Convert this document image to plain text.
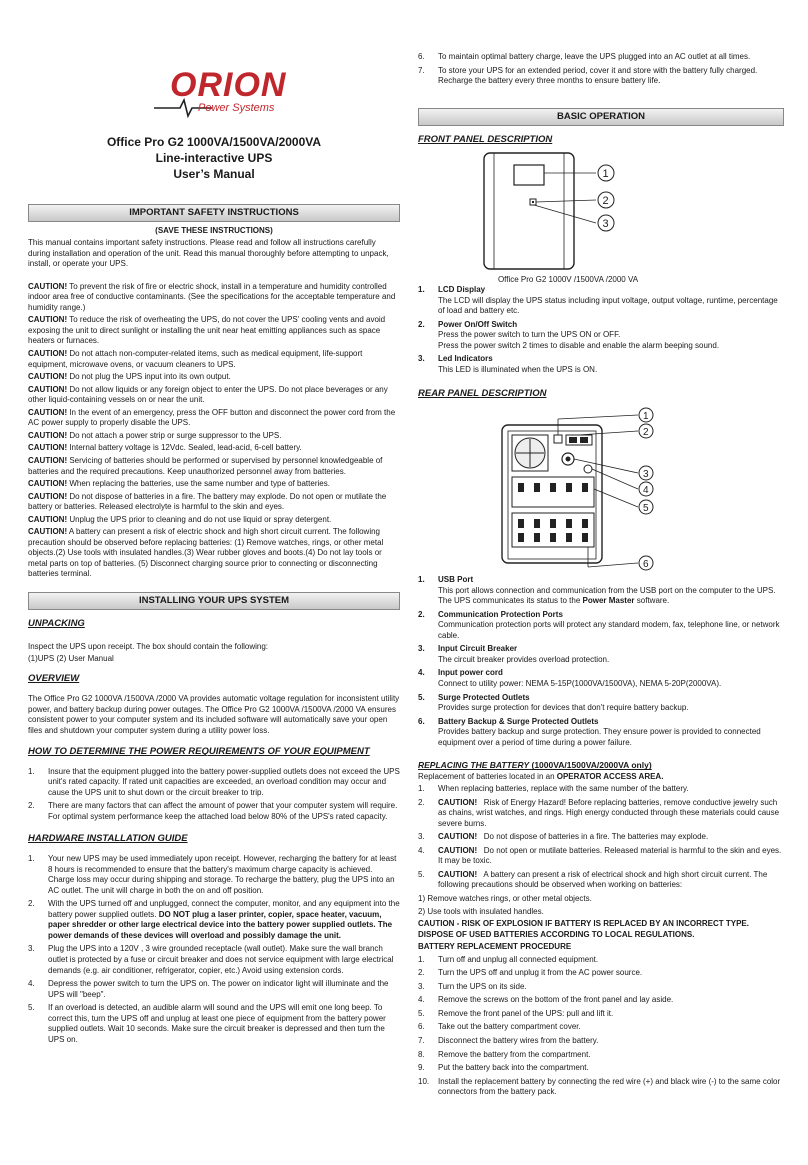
ORION
Power Systems
Office Pro G2 1000VA/1500VA/2000VA
Line-interactive UPS
User’s Manual
IMPORTANT SAFETY INSTRUCTIONS
(SAVE THESE INSTRUCTIONS)

This manual contains important safety instructions. Please read and follow all instructions carefully during installation and operation of the unit. Read this manual thoroughly before attempting to unpack, install, or operate your UPS.

CAUTION! To prevent the risk of fire or electric shock, install in a temperature and humidity controlled indoor area free of conductive contaminants. (See the specifications for the acceptable temperature and humidity range.)

CAUTION! To reduce the risk of overheating the UPS, do not cover the UPS' cooling vents and avoid exposing the unit to direct sunlight or installing the unit near heat emitting appliances such as space heaters or furnaces.

CAUTION! Do not attach non-computer-related items, such as medical equipment, life-support equipment, microwave ovens, or vacuum cleaners to UPS.

CAUTION! Do not plug the UPS input into its own output.

CAUTION! Do not allow liquids or any foreign object to enter the UPS. Do not place beverages or any other liquid-containing vessels on or near the unit.

CAUTION! In the event of an emergency, press the OFF button and disconnect the power cord from the AC power supply to properly disable the UPS.

CAUTION! Do not attach a power strip or surge suppressor to the UPS.

CAUTION! Internal battery voltage is 12Vdc. Sealed, lead-acid, 6-cell battery.

CAUTION! Servicing of batteries should be performed or supervised by personnel knowledgeable of batteries and the required precautions. Keep unauthorized personnel away from batteries.

CAUTION! When replacing the batteries, use the same number and type of batteries.

CAUTION! Do not dispose of batteries in a fire. The battery may explode. Do not open or mutilate the battery or batteries. Released electrolyte is harmful to the skin and eyes.

CAUTION! Unplug the UPS prior to cleaning and do not use liquid or spray detergent.

CAUTION! A battery can present a risk of electric shock and high short circuit current. The following precaution should be observed before replacing batteries: (1) Remove watches, rings, or other metal objects.(2) Use tools with insulated handles.(3) Wear rubber gloves and boots.(4) Do not lay tools or metal parts on top of batteries. (5) Disconnect charging source prior to connecting or disconnecting batteries terminal.

INSTALLING YOUR UPS SYSTEM
UNPACKING

Inspect the UPS upon receipt. The box should contain the following:

(1)UPS (2) User Manual

OVERVIEW

The Office Pro G2 1000VA /1500VA /2000 VA provides automatic voltage regulation for inconsistent utility power, and battery backup during power outages. The Office Pro G2 1000VA /1500VA /2000 VA ensures consistent power to your computer system and its included software will automatically save your open files and shutdown your computer system during a utility power loss.

HOW TO DETERMINE THE POWER REQUIREMENTS OF YOUR EQUIPMENT
1. Insure that the equipment plugged into the battery power-supplied outlets does not exceed the UPS unit's rated capacity. If rated unit capacities are exceeded, an overload condition may occur and cause the UPS unit to shut down or the circuit breaker to trip.
2. There are many factors that can affect the amount of power that your computer system will require. For optimal system performance keep the attached load below 80% of the UPS's rated capacity.
HARDWARE INSTALLATION GUIDE
1. Your new UPS may be used immediately upon receipt. However, recharging the battery for at least 8 hours is recommended to ensure that the battery's maximum charge capacity is achieved. Charge loss may occur during shipping and storage. To recharge the battery, plug the UPS into an AC outlet. The unit will charge in both the on and off position.
2. With the UPS turned off and unplugged, connect the computer, monitor, and any equipment into the battery power supplied outlets. DO NOT plug a laser printer, copier, space heater, vacuum, paper shredder or other large electrical device into the battery power supplied outlets. The power demands of these devices will overload and possibly damage the unit.
3. Plug the UPS into a 120V , 3 wire grounded receptacle (wall outlet). Make sure the wall branch outlet is protected by a fuse or circuit breaker and does not service equipment with large electrical demands (e.g. air conditioner, refrigerator, copier, etc.) Avoid using extension cords.
4. Depress the power switch to turn the UPS on. The power on indicator light will illuminate and the UPS will "beep".
5. If an overload is detected, an audible alarm will sound and the UPS will emit one long beep. To correct this, turn the UPS off and unplug at least one piece of equipment from the battery power supplied outlets. Wait 10 seconds. Make sure the circuit breaker is depressed and then turn the UPS on.
6. To maintain optimal battery charge, leave the UPS plugged into an AC outlet at all times.
7. To store your UPS for an extended period, cover it and store with the battery fully charged. Recharge the battery every three months to ensure battery life.
BASIC OPERATION
FRONT PANEL DESCRIPTION
1
2
3
Office Pro G2 1000V /1500VA /2000 VA
1. LCD Display
The LCD will display the UPS status including input voltage, output voltage, runtime, percentage of load and battery etc.
2. Power On/Off Switch
Press the power switch to turn the UPS ON or OFF.
Press the power switch 2 times to disable and enable the alarm beeping sound.
3. Led Indicators
This LED is illuminated when the UPS is ON.
REAR PANEL DESCRIPTION
1
2
3
4
5
6
1. USB Port
This port allows connection and communication from the USB port on the computer to the UPS. The UPS communicates its status to the Power Master software.
2. Communication Protection Ports
Communication protection ports will protect any standard modem, fax, telephone line, or network cable.
3. Input Circuit Breaker
The circuit breaker provides overload protection.
4. Input power cord
Connect to utility power: NEMA 5-15P(1000VA/1500VA), NEMA 5-20P(2000VA).
5. Surge Protected Outlets
Provides surge protection for devices that don't require battery backup.
6. Battery Backup & Surge Protected Outlets
Provides battery backup and surge protection. They ensure power is provided to connected equipment over a period of time during a power failure.
REPLACING THE BATTERY (1000VA/1500VA/2000VA only)

Replacement of batteries located in an OPERATOR ACCESS AREA.

1. When replacing batteries, replace with the same number of the battery.
2. CAUTION!   Risk of Energy Hazard! Before replacing batteries, remove conductive jewelry such as chains, wrist watches, and rings. High energy conducted through these materials could cause severe burns.
3. CAUTION!   Do not dispose of batteries in a fire. The batteries may explode.
4. CAUTION!   Do not open or mutilate batteries. Released material is harmful to the skin and eyes. It may be toxic.
5. CAUTION!   A battery can present a risk of electrical shock and high short circuit current. The following precautions should be observed when working on batteries:

1) Remove watches rings, or other metal objects.

2) Use tools with insulated handles.

CAUTION - RISK OF EXPLOSION IF BATTERY IS REPLACED BY AN INCORRECT TYPE. DISPOSE OF USED BATTERIES ACCORDING TO LOCAL REGULATIONS.

BATTERY REPLACEMENT PROCEDURE

1. Turn off and unplug all connected equipment.
2. Turn the UPS off and unplug it from the AC power source.
3. Turn the UPS on its side.
4. Remove the screws on the bottom of the front panel and lay aside.
5. Remove the front panel of the UPS: pull and lift it.
6. Take out the battery compartment cover.
7. Disconnect the battery wires from the battery.
8. Remove the battery from the compartment.
9. Put the battery back into the compartment.
10. Install the replacement battery by connecting the red wire (+) and black wire (-) to the same color connectors from the battery pack.
